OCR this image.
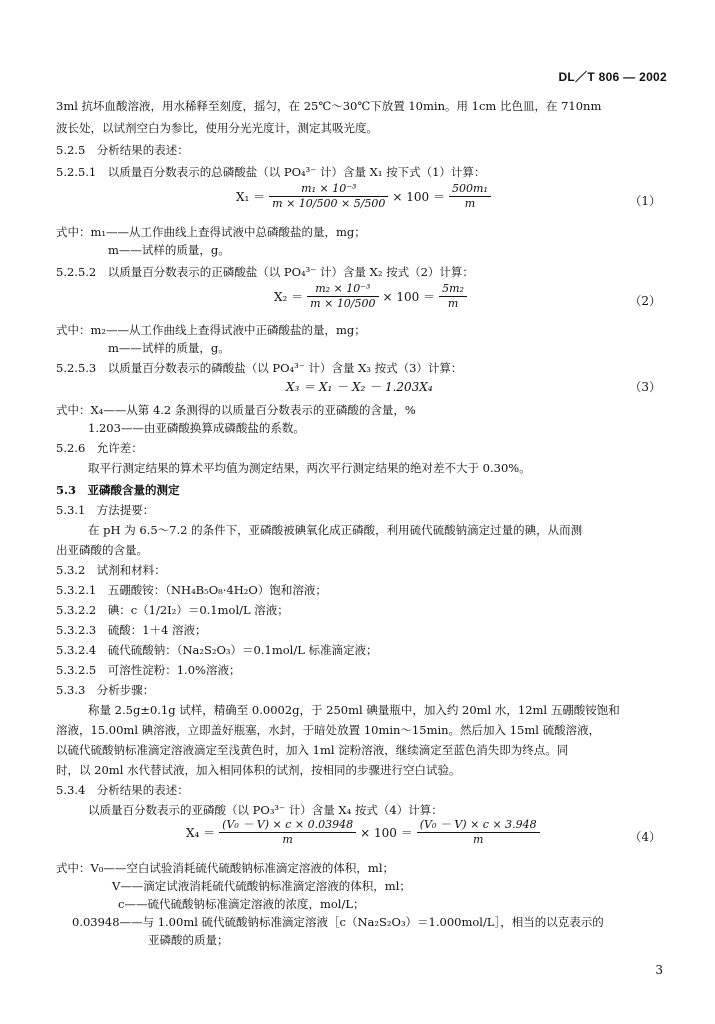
DL／T 806 — 2002
3ml 抗坏血酸溶液，用水稀释至刻度，摇匀，在 25℃～30℃下放置 10min。用 1cm 比色皿，在 710nm
波长处，以试剂空白为参比，使用分光光度计，测定其吸光度。
5.2.5　分析结果的表述：
5.2.5.1　以质量百分数表示的总磷酸盐（以 PO₄³⁻ 计）含量 X₁ 按下式（1）计算：
$X_1 = \frac{\text{m₁ × 10⁻³}}{m \times 10/500 \times 5/500} \times 100 = \frac{\text{500m₁}}{m}$	（1）
式中：m₁——从工作曲线上查得试液中总磷酸盐的量，mg；
m——试样的质量，g。
5.2.5.2　以质量百分数表示的正磷酸盐（以 PO₄³⁻ 计）含量 X₂ 按式（2）计算：
$X_2 = \frac{\text{m₂ × 10⁻³}}{m \times 10/500} \times 100 = \frac{\text{5m₂}}{m}$	（2）
式中：m₂——从工作曲线上查得试液中正磷酸盐的量，mg；
m——试样的质量，g。
5.2.5.3　以质量百分数表示的磷酸盐（以 PO₄³⁻ 计）含量 X₃ 按式（3）计算：
X₃ ＝ X₁ － X₂ － 1.203X₄	（3）
式中：X₄——从第 4.2 条测得的以质量百分数表示的亚磷酸的含量，%
1.203——由亚磷酸换算成磷酸盐的系数。
5.2.6　允许差：
取平行测定结果的算术平均值为测定结果，两次平行测定结果的绝对差不大于 0.30%。
5.3　亚磷酸含量的测定
5.3.1　方法提要：
在 pH 为 6.5～7.2 的条件下，亚磷酸被碘氧化成正磷酸，利用硫代硫酸钠滴定过量的碘，从而测
出亚磷酸的含量。
5.3.2　试剂和材料：
5.3.2.1　五硼酸铵：（NH₄B₅O₈·4H₂O）饱和溶液；
5.3.2.2　碘：c（1/2I₂）＝0.1mol/L 溶液；
5.3.2.3　硫酸：1＋4 溶液；
5.3.2.4　硫代硫酸钠：（Na₂S₂O₃）＝0.1mol/L 标准滴定液；
5.3.2.5　可溶性淀粉：1.0%溶液；
5.3.3　分析步骤：
称量 2.5g±0.1g 试样，精确至 0.0002g，于 250ml 碘量瓶中，加入约 20ml 水，12ml 五硼酸铵饱和
溶液，15.00ml 碘溶液，立即盖好瓶塞，水封，于暗处放置 10min～15min。然后加入 15ml 硫酸溶液，
以硫代硫酸钠标准滴定溶液滴定至浅黄色时，加入 1ml 淀粉溶液，继续滴定至蓝色消失即为终点。同
时，以 20ml 水代替试液，加入相同体积的试剂，按相同的步骤进行空白试验。
5.3.4　分析结果的表述：
以质量百分数表示的亚磷酸（以 PO₃³⁻ 计）含量 X₄ 按式（4）计算：
$X_4 = \frac{\text{(V₀ － V) × c × 0.03948}}{m} \times 100 = \frac{\text{(V₀ － V) × c × 3.948}}{m}$	（4）
式中：V₀——空白试验消耗硫代硫酸钠标准滴定溶液的体积，ml；
V——滴定试液消耗硫代硫酸钠标准滴定溶液的体积，ml；
c——硫代硫酸钠标准滴定溶液的浓度，mol/L；
0.03948——与 1.00ml 硫代硫酸钠标准滴定溶液［c（Na₂S₂O₃）＝1.000mol/L］，相当的以克表示的
亚磷酸的质量；
3
